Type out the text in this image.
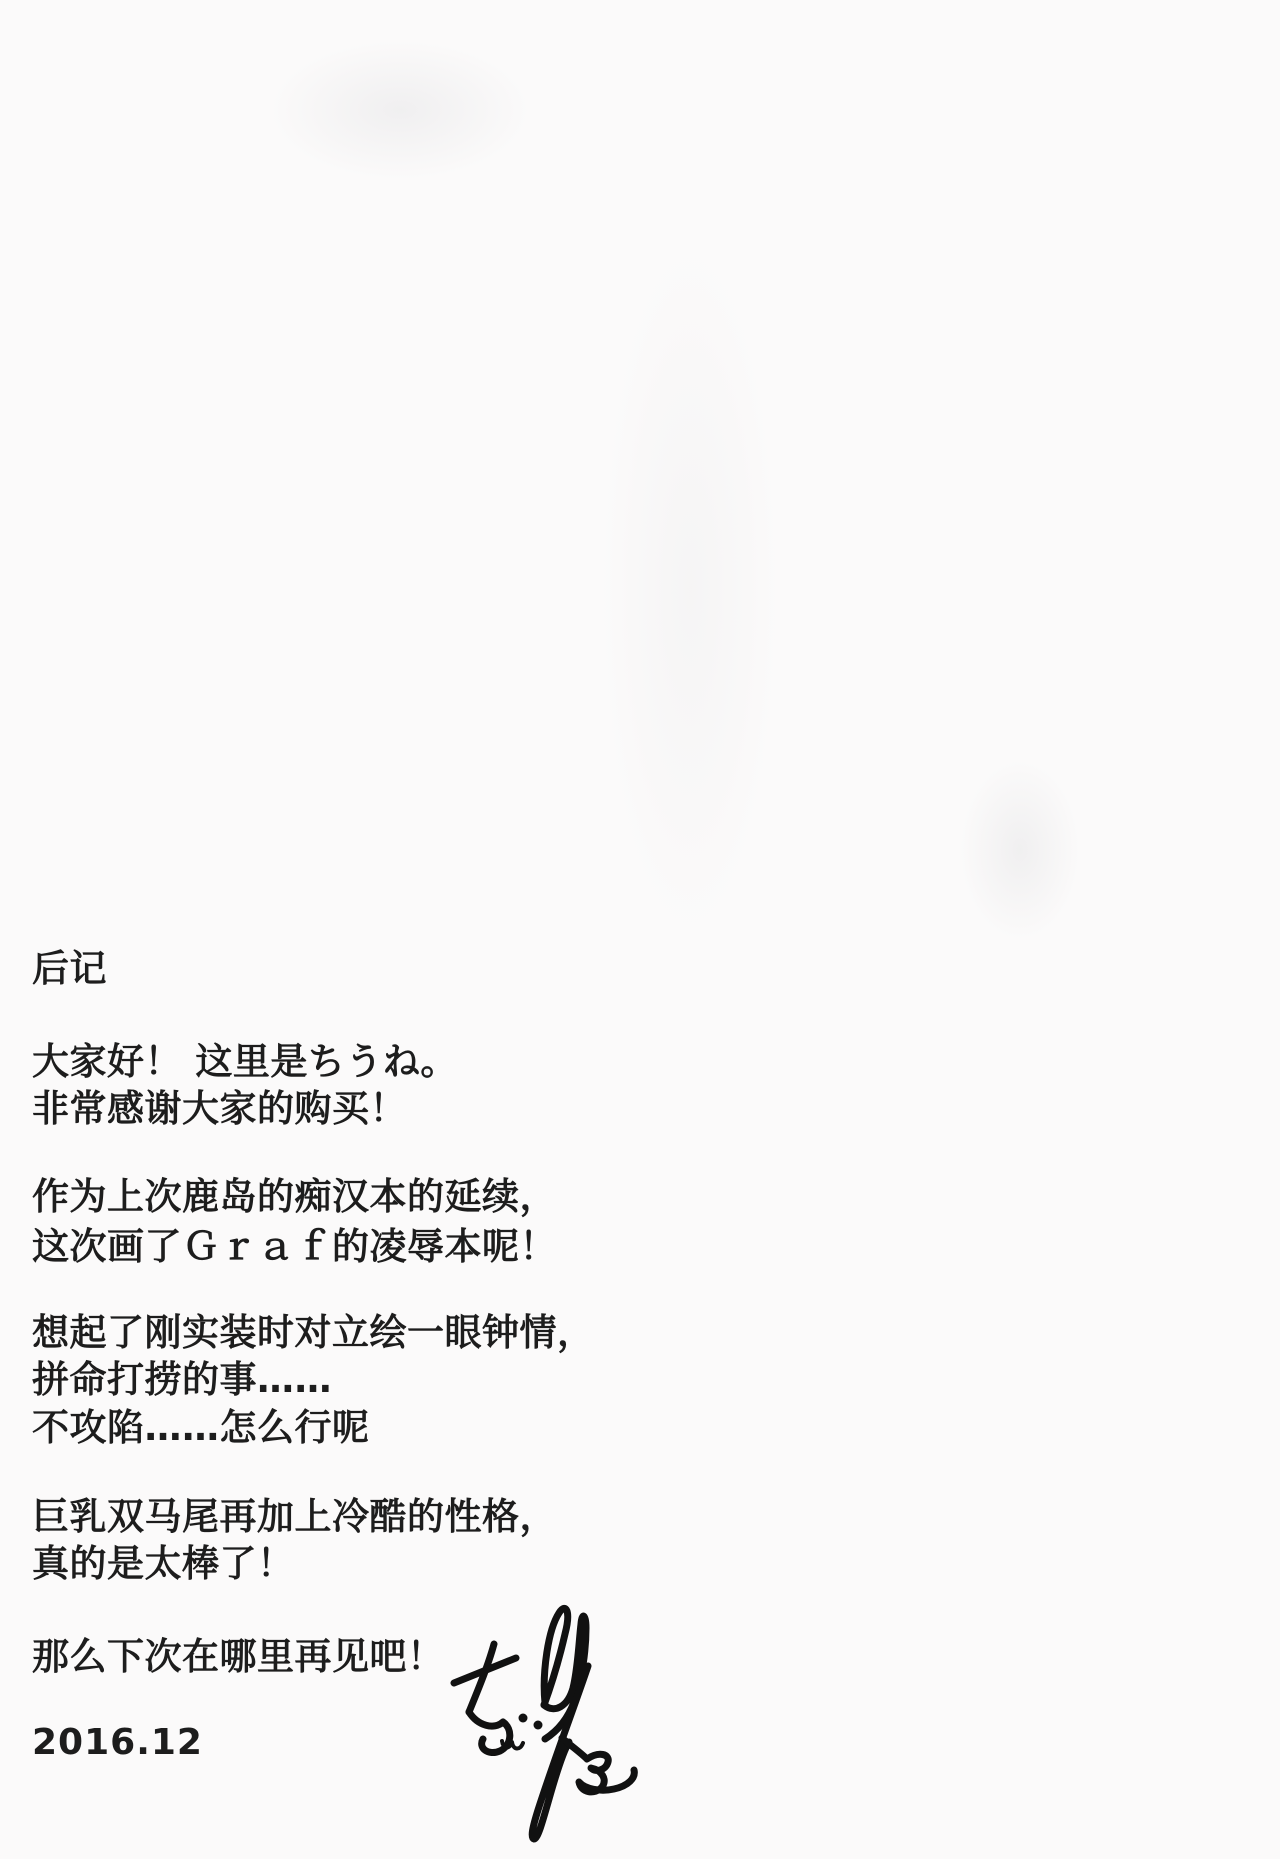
后记
大家好！ 这里是ちうね。
非常感谢大家的购买！
作为上次鹿岛的痴汉本的延续，
这次画了Ｇｒａｆ的凌辱本呢！
想起了刚实装时对立绘一眼钟情，
拼命打捞的事……
不攻陷……怎么行呢
巨乳双马尾再加上冷酷的性格，
真的是太棒了！
那么下次在哪里再见吧！
2016.12
